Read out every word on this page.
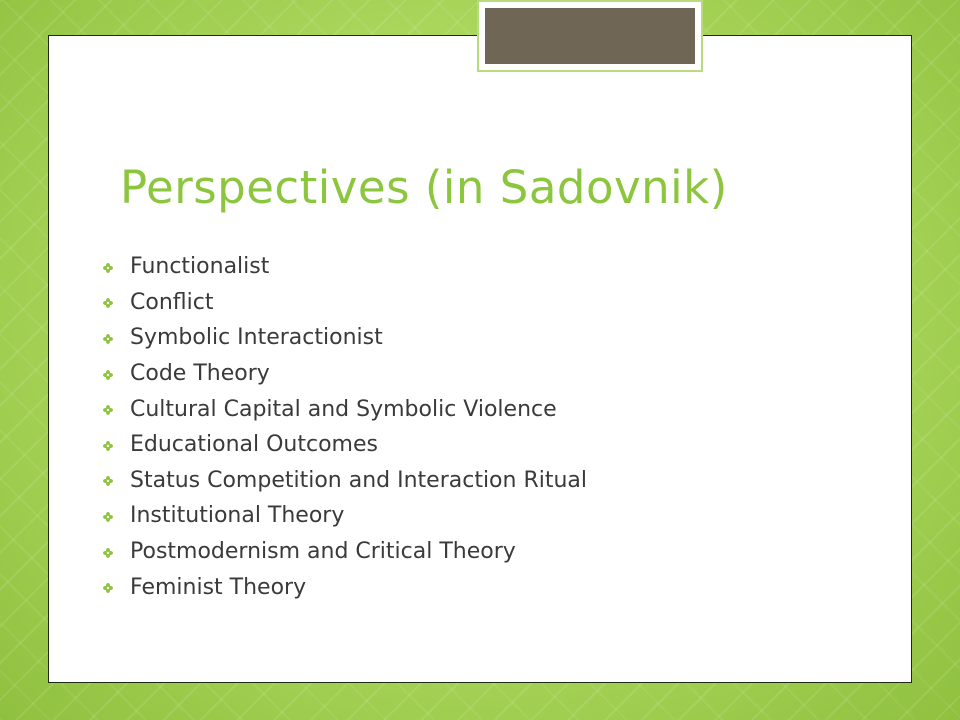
Perspectives (in Sadovnik)
Functionalist
Conflict
Symbolic Interactionist
Code Theory
Cultural Capital and Symbolic Violence
Educational Outcomes
Status Competition and Interaction Ritual
Institutional Theory
Postmodernism and Critical Theory
Feminist Theory
